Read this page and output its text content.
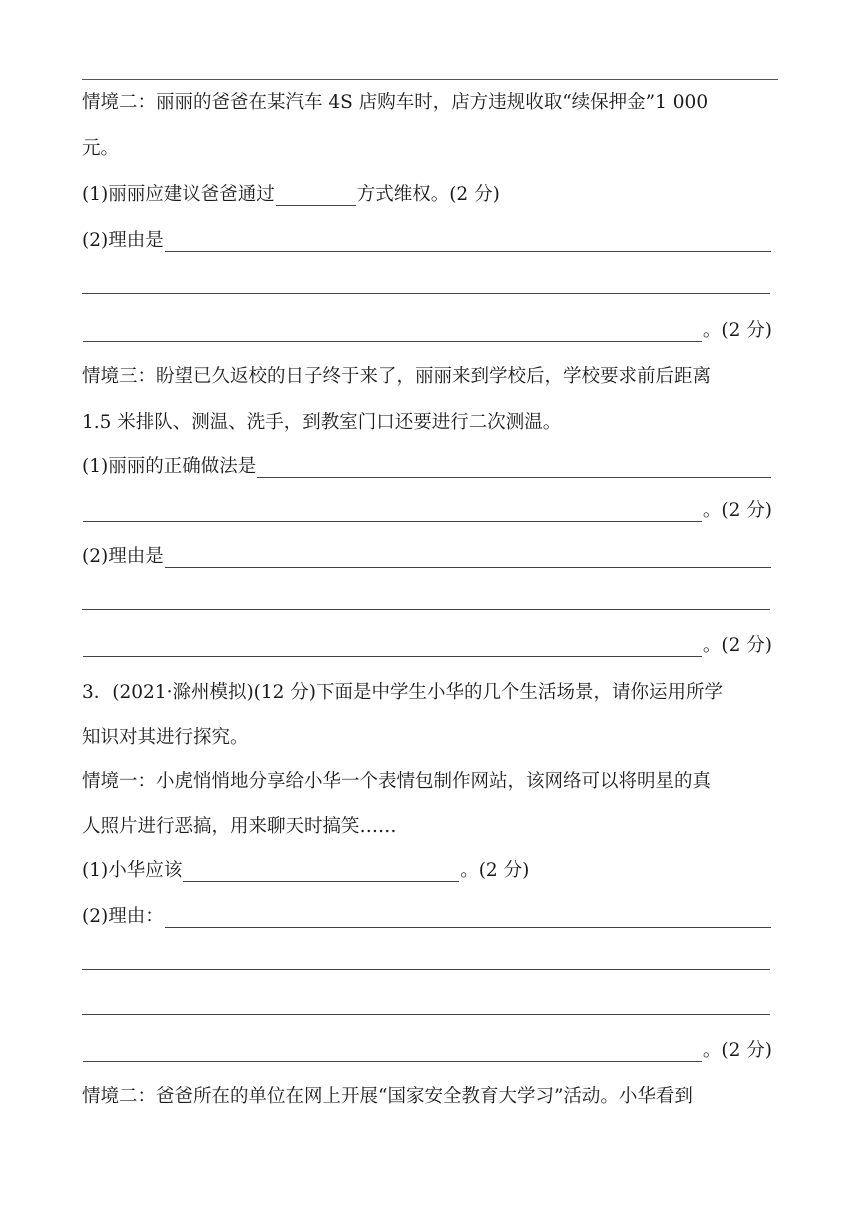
情境二：丽丽的爸爸在某汽车 4S 店购车时，店方违规收取“续保押金”1 000
元。
(1)丽丽应建议爸爸通过	方式维权。(2 分)
(2)理由是
。(2 分)
情境三：盼望已久返校的日子终于来了，丽丽来到学校后，学校要求前后距离
1.5 米排队、测温、洗手，到教室门口还要进行二次测温。
(1)丽丽的正确做法是
。(2 分)
(2)理由是
。(2 分)
3．(2021·滁州模拟)(12 分)下面是中学生小华的几个生活场景，请你运用所学
知识对其进行探究。
情境一：小虎悄悄地分享给小华一个表情包制作网站，该网络可以将明星的真
人照片进行恶搞，用来聊天时搞笑……
(1)小华应该	。(2 分)
(2)理由：
。(2 分)
情境二：爸爸所在的单位在网上开展“国家安全教育大学习”活动。小华看到
